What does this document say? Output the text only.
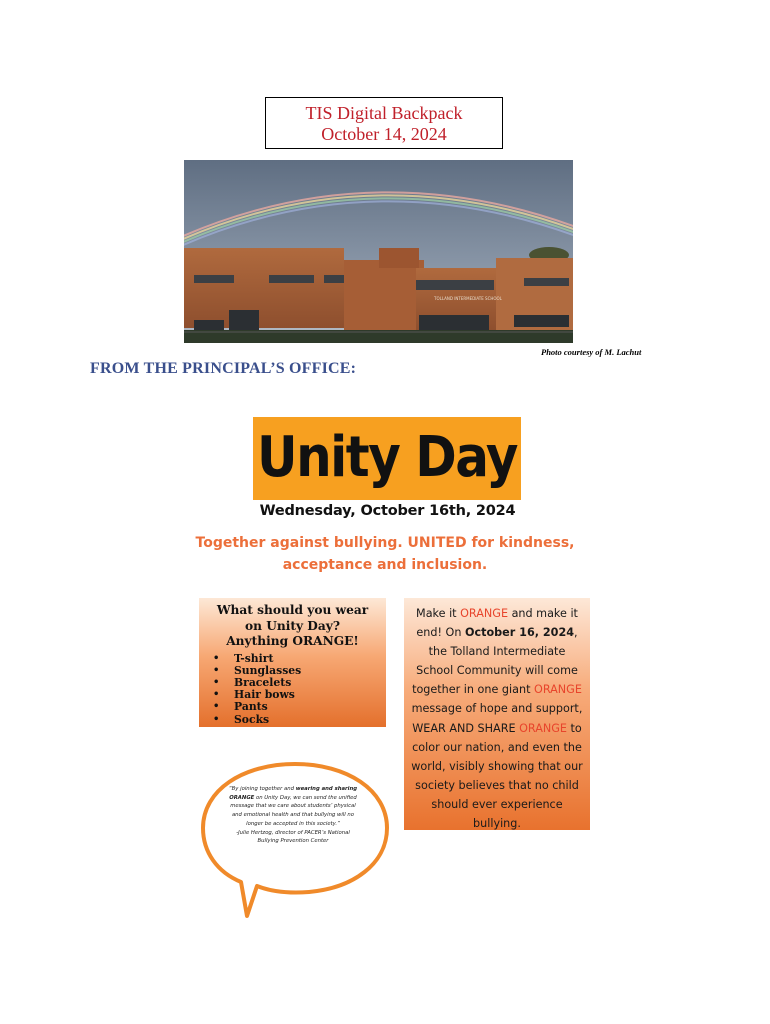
TIS Digital Backpack
October 14, 2024
TOLLAND INTERMEDIATE SCHOOL
Photo courtesy of M. Lachut
FROM THE PRINCIPAL’S OFFICE:
Unity Day
Wednesday, October 16th, 2024
Together against bullying. UNITED for kindness,
acceptance and inclusion.
What should you wear
on Unity Day?
Anything ORANGE!
• T-shirt
• Sunglasses
• Bracelets
• Hair bows
• Pants
• Socks
Make it ORANGE and make it end! On October 16, 2024, the Tolland Intermediate School Community will come together in one giant ORANGE message of hope and support, WEAR AND SHARE ORANGE to color our nation, and even the world, visibly showing that our society believes that no child should ever experience bullying.
“By joining together and wearing and sharing ORANGE on Unity Day, we can send the unified message that we care about students’ physical and emotional health and that bullying will no longer be accepted in this society.”
-Julie Hertzog, director of PACER’s National Bullying Prevention Center
